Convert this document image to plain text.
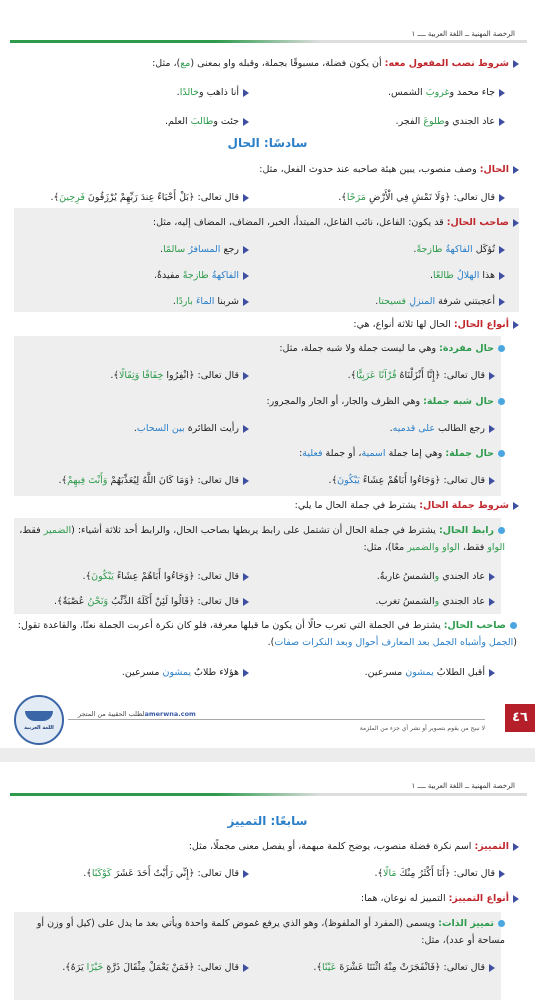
الرخصة المهنية ــ اللغة العربية ــــ ١
شروط نصب المفعول معه: أن يكون فضلة، مسبوقًا بجملة، وقبله واو بمعنى (مع)، مثل:
أنا ذاهب وخالدًا.	جاء محمد وغروبَ الشمس.
جئت وطالبَ العلم.	عاد الجندي وطلوعَ الفجر.
سادسًا: الحال
الحال: وصف منصوب، يبين هيئة صاحبه عند حدوث الفعل، مثل:
قال تعالى: ﴿بَلْ أَحْيَاءٌ عِندَ رَبِّهِمْ يُرْزَقُونَ فَرِحِينَ﴾.	قال تعالى: ﴿وَلَا تَمْشِ فِي الْأَرْضِ مَرَحًا﴾.
صاحب الحال: قد يكون: الفاعل، نائب الفاعل، المبتدأ، الخبر، المضاف، المضاف إليه، مثل:
رجع المسافرُ سالمًا.	تُؤكَل الفاكهةُ طازجةً.
الفاكهةُ طازجةً مفيدةٌ.	هذا الهلالُ طالعًا.
شربنا الماءَ باردًا.	أعجبتني شرفة المنزلِ فسيحتا.
أنواع الحال: الحال لها ثلاثة أنواع، هي:
حال مفردة: وهي ما ليست جملة ولا شبه جملة، مثل:
قال تعالى: ﴿انْفِرُوا خِفَافًا وَثِقَالًا﴾.	قال تعالى: ﴿إِنَّا أَنْزَلْنَاهُ قُرْآنًا عَرَبِيًّا﴾.
حال شبه جملة: وهي الظرف والجار، أو الجار والمجرور:
رأيت الطائرة بين السحاب.	رجع الطالب على قدميه.
حال جملة: وهي إما جملة اسمية، أو جملة فعلية:
قال تعالى: ﴿وَمَا كَانَ اللَّهُ لِيُعَذِّبَهُمْ وَأَنْتَ فِيهِمْ﴾.	قال تعالى: ﴿وَجَاءُوا أَبَاهُمْ عِشَاءً يَبْكُونَ﴾.
شروط جملة الحال: يشترط في جملة الحال ما يلي:
رابط الحال: يشترط في جملة الحال أن تشتمل على رابط يربطها بصاحب الحال، والرابط أحد ثلاثة أشياء: (الضمير فقط، الواو فقط، الواو والضمير معًا)، مثل:
قال تعالى: ﴿وَجَاءُوا أَبَاهُمْ عِشَاءً يَبْكُونَ﴾.	عاد الجندي والشمسُ غاربةٌ.
قال تعالى: ﴿قَالُوا لَئِنْ أَكَلَهُ الذِّئْبُ وَنَحْنُ عُصْبَةٌ﴾.	عاد الجندي والشمسُ تغرب.
صاحب الحال: يشترط في الجملة التي تعرب حالًا أن يكون ما قبلها معرفة، فلو كان نكرة أعربت الجملة نعتًا، والقاعدة تقول: (الجمل وأشباه الجمل بعد المعارف أحوال وبعد النكرات صفات).
هؤلاء طلابٌ يمشون مسرعين.	أقبل الطلابُ يمشون مسرعين.
لطلب الحقيبة من المتجرamerwna.com
لا نبيح من يقوم بتصوير أو نشر أي جزء من الملزمة
اللغة العربية
٤٦
الرخصة المهنية ــ اللغة العربية ــــ ١
سابعًا: التمييز
التمييز: اسم نكرة فضلة منصوب، يوضح كلمة مبهمة، أو يفصل معنى مجملًا، مثل:
قال تعالى: ﴿إِنِّي رَأَيْتُ أَحَدَ عَشَرَ كَوْكَبًا﴾.	قال تعالى: ﴿أَنَا أَكْثَرُ مِنْكَ مَالًا﴾.
أنواع التمييز: التمييز له نوعان، هما:
تمييز الذات: ويسمى (المفرد أو الملفوظ)، وهو الذي يرفع غموض كلمة واحدة ويأتي بعد ما يدل على (كيل أو وزن أو مساحة أو عدد)، مثل:
قال تعالى: ﴿فَمَنْ يَعْمَلْ مِثْقَالَ ذَرَّةٍ خَيْرًا يَرَهُ﴾.	قال تعالى: ﴿فَانْفَجَرَتْ مِنْهُ اثْنَتَا عَشْرَةَ عَيْنًا﴾.
